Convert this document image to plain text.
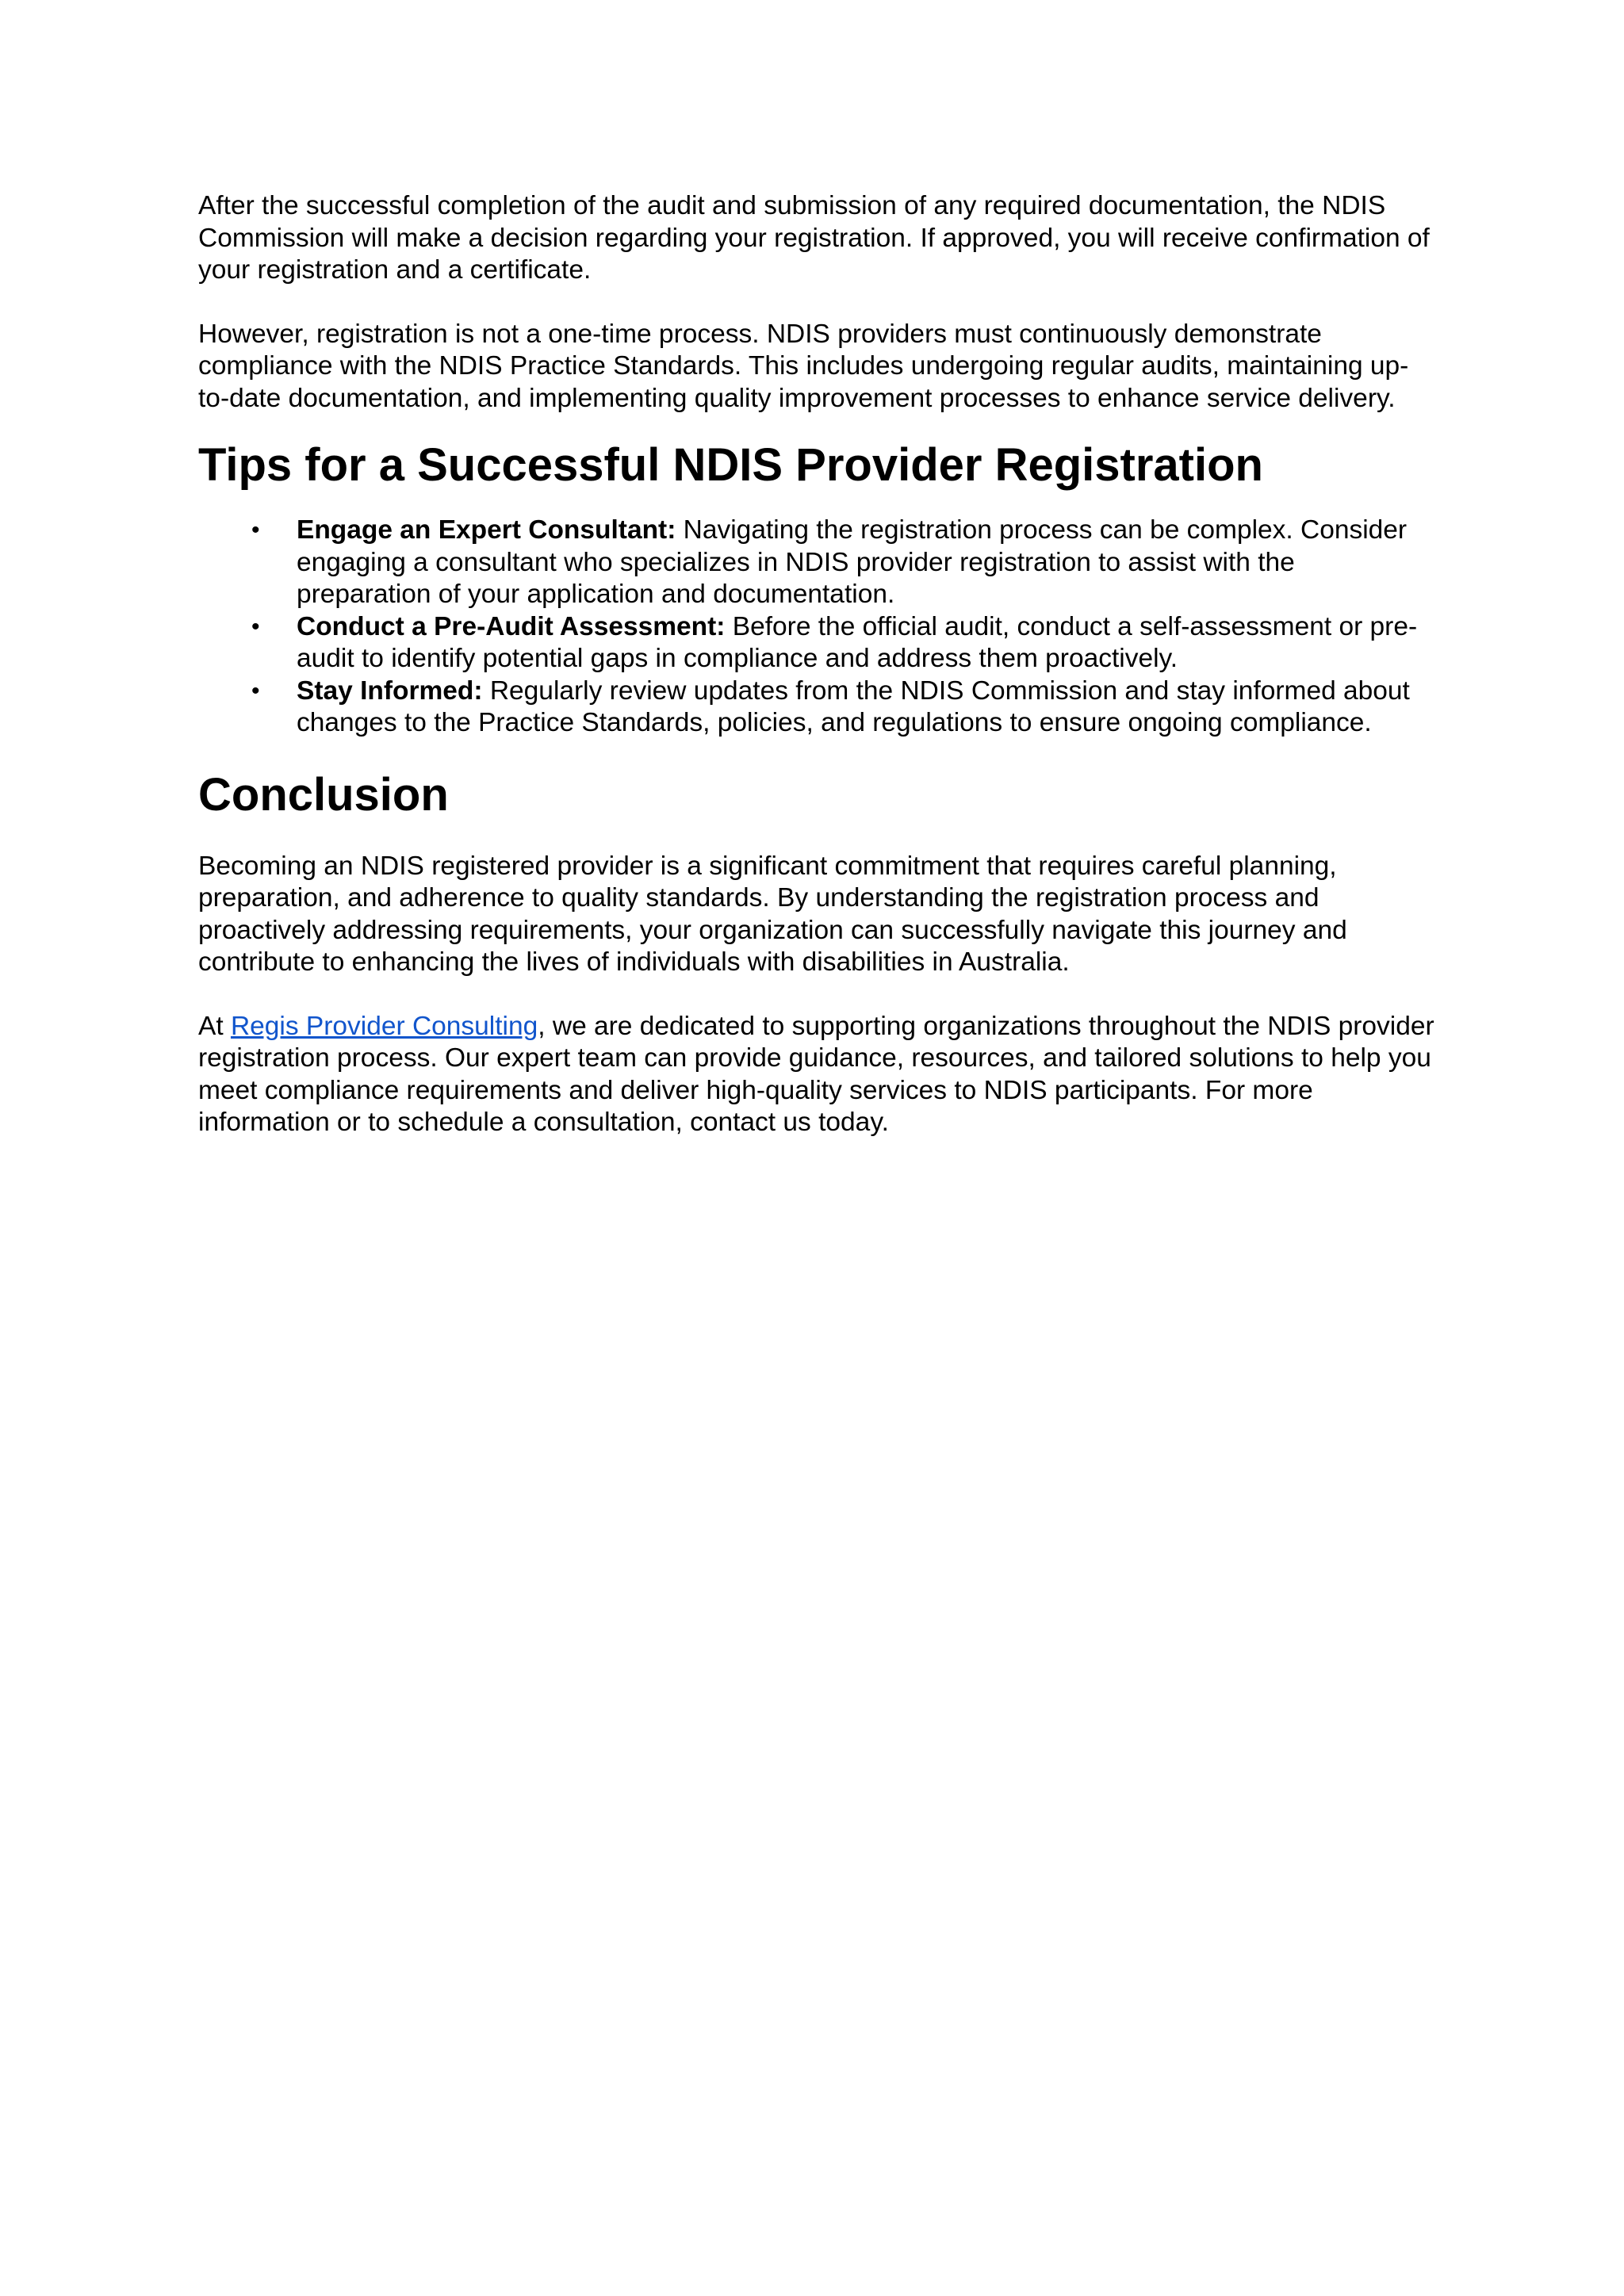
After the successful completion of the audit and submission of any required documentation, the NDIS Commission will make a decision regarding your registration. If approved, you will receive confirmation of your registration and a certificate.

However, registration is not a one-time process. NDIS providers must continuously demonstrate compliance with the NDIS Practice Standards. This includes undergoing regular audits, maintaining up-to-date documentation, and implementing quality improvement processes to enhance service delivery.

Tips for a Successful NDIS Provider Registration
• Engage an Expert Consultant: Navigating the registration process can be complex. Consider engaging a consultant who specializes in NDIS provider registration to assist with the preparation of your application and documentation.
• Conduct a Pre-Audit Assessment: Before the official audit, conduct a self-assessment or pre-audit to identify potential gaps in compliance and address them proactively.
• Stay Informed: Regularly review updates from the NDIS Commission and stay informed about changes to the Practice Standards, policies, and regulations to ensure ongoing compliance.
Conclusion

Becoming an NDIS registered provider is a significant commitment that requires careful planning, preparation, and adherence to quality standards. By understanding the registration process and proactively addressing requirements, your organization can successfully navigate this journey and contribute to enhancing the lives of individuals with disabilities in Australia.

At Regis Provider Consulting, we are dedicated to supporting organizations throughout the NDIS provider registration process. Our expert team can provide guidance, resources, and tailored solutions to help you meet compliance requirements and deliver high-quality services to NDIS participants. For more information or to schedule a consultation, contact us today.
